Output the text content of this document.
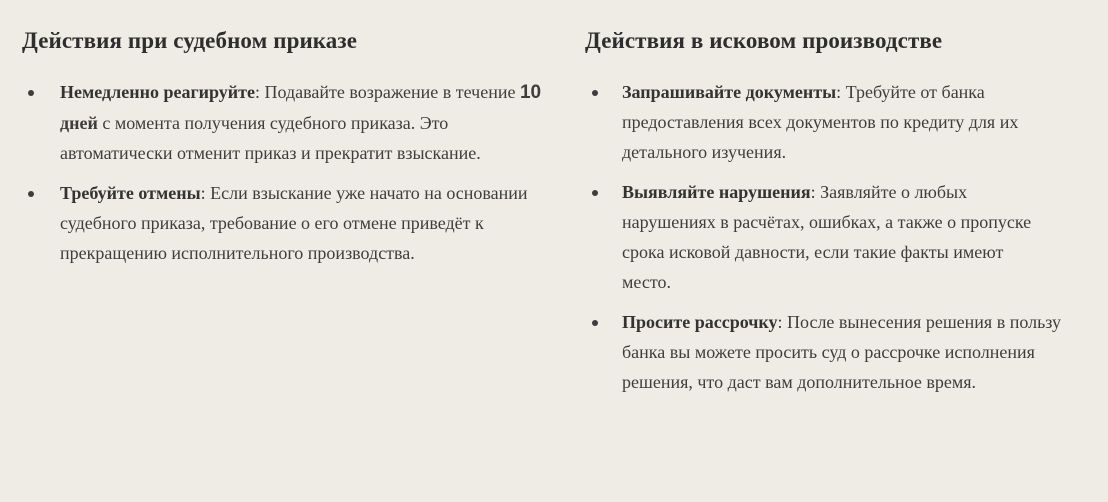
Действия при судебном приказе
Немедленно реагируйте: Подавайте возражение в течение 10 дней с момента получения судебного приказа. Это автоматически отменит приказ и прекратит взыскание.
Требуйте отмены: Если взыскание уже начато на основании судебного приказа, требование о его отмене приведёт к прекращению исполнительного производства.
Действия в исковом производстве
Запрашивайте документы: Требуйте от банка предоставления всех документов по кредиту для их детального изучения.
Выявляйте нарушения: Заявляйте о любых нарушениях в расчётах, ошибках, а также о пропуске срока исковой давности, если такие факты имеют место.
Просите рассрочку: После вынесения решения в пользу банка вы можете просить суд о рассрочке исполнения решения, что даст вам дополнительное время.
